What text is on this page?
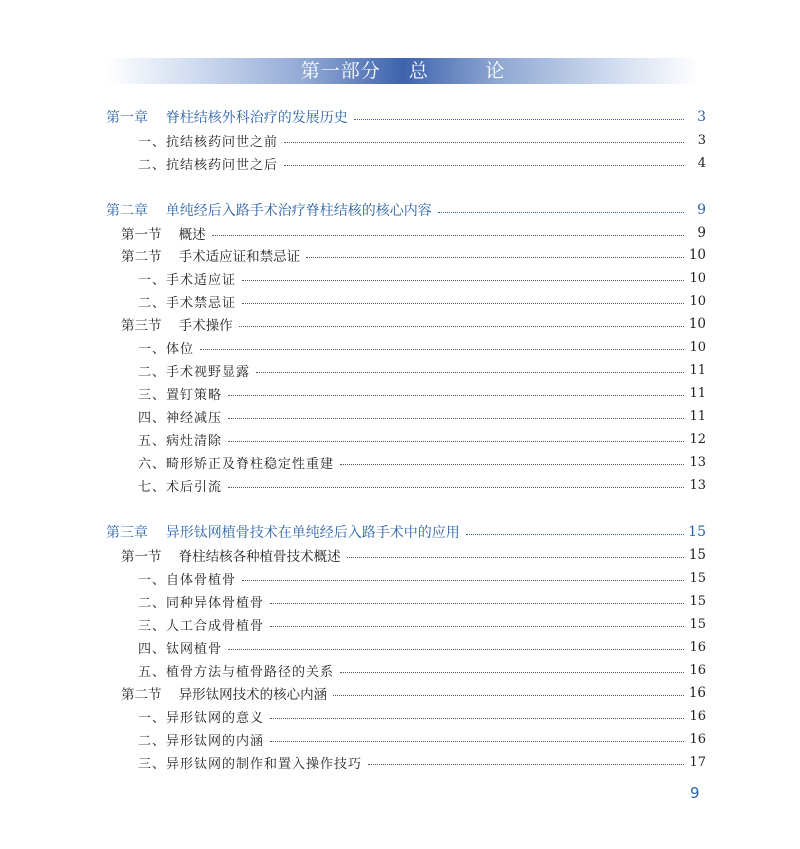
第一部分    总        论
第一章    脊柱结核外科治疗的发展历史	3
一、抗结核药问世之前	3
二、抗结核药问世之后	4
第二章    单纯经后入路手术治疗脊柱结核的核心内容	9
第一节    概述	9
第二节    手术适应证和禁忌证	10
一、手术适应证	10
二、手术禁忌证	10
第三节    手术操作	10
一、体位	10
二、手术视野显露	11
三、置钉策略	11
四、神经减压	11
五、病灶清除	12
六、畸形矫正及脊柱稳定性重建	13
七、术后引流	13
第三章    异形钛网植骨技术在单纯经后入路手术中的应用	15
第一节    脊柱结核各种植骨技术概述	15
一、自体骨植骨	15
二、同种异体骨植骨	15
三、人工合成骨植骨	15
四、钛网植骨	16
五、植骨方法与植骨路径的关系	16
第二节    异形钛网技术的核心内涵	16
一、异形钛网的意义	16
二、异形钛网的内涵	16
三、异形钛网的制作和置入操作技巧	17
9
